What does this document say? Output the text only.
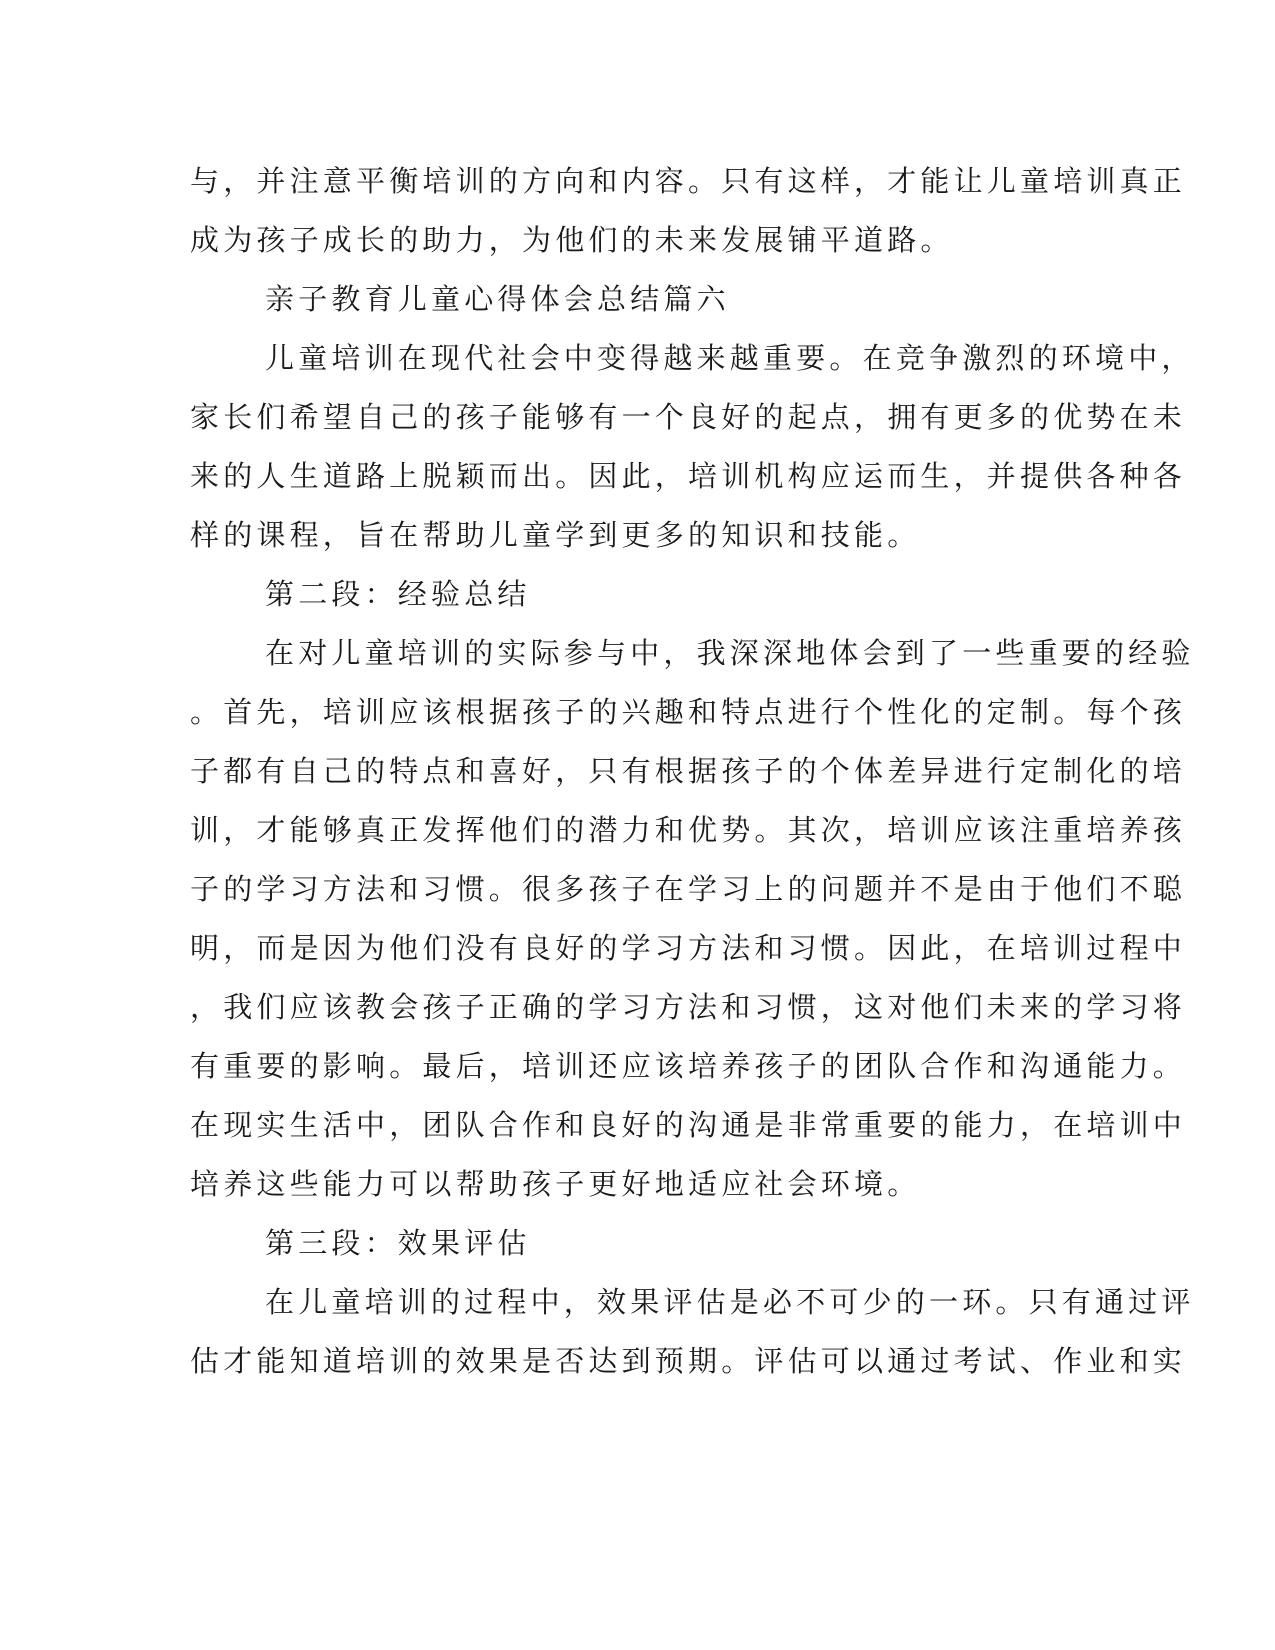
与，并注意平衡培训的方向和内容。只有这样，才能让儿童培训真正
成为孩子成长的助力，为他们的未来发展铺平道路。
亲子教育儿童心得体会总结篇六
儿童培训在现代社会中变得越来越重要。在竞争激烈的环境中，
家长们希望自己的孩子能够有一个良好的起点，拥有更多的优势在未
来的人生道路上脱颖而出。因此，培训机构应运而生，并提供各种各
样的课程，旨在帮助儿童学到更多的知识和技能。
第二段：经验总结
在对儿童培训的实际参与中，我深深地体会到了一些重要的经验
。首先，培训应该根据孩子的兴趣和特点进行个性化的定制。每个孩
子都有自己的特点和喜好，只有根据孩子的个体差异进行定制化的培
训，才能够真正发挥他们的潜力和优势。其次，培训应该注重培养孩
子的学习方法和习惯。很多孩子在学习上的问题并不是由于他们不聪
明，而是因为他们没有良好的学习方法和习惯。因此，在培训过程中
，我们应该教会孩子正确的学习方法和习惯，这对他们未来的学习将
有重要的影响。最后，培训还应该培养孩子的团队合作和沟通能力。
在现实生活中，团队合作和良好的沟通是非常重要的能力，在培训中
培养这些能力可以帮助孩子更好地适应社会环境。
第三段：效果评估
在儿童培训的过程中，效果评估是必不可少的一环。只有通过评
估才能知道培训的效果是否达到预期。评估可以通过考试、作业和实
